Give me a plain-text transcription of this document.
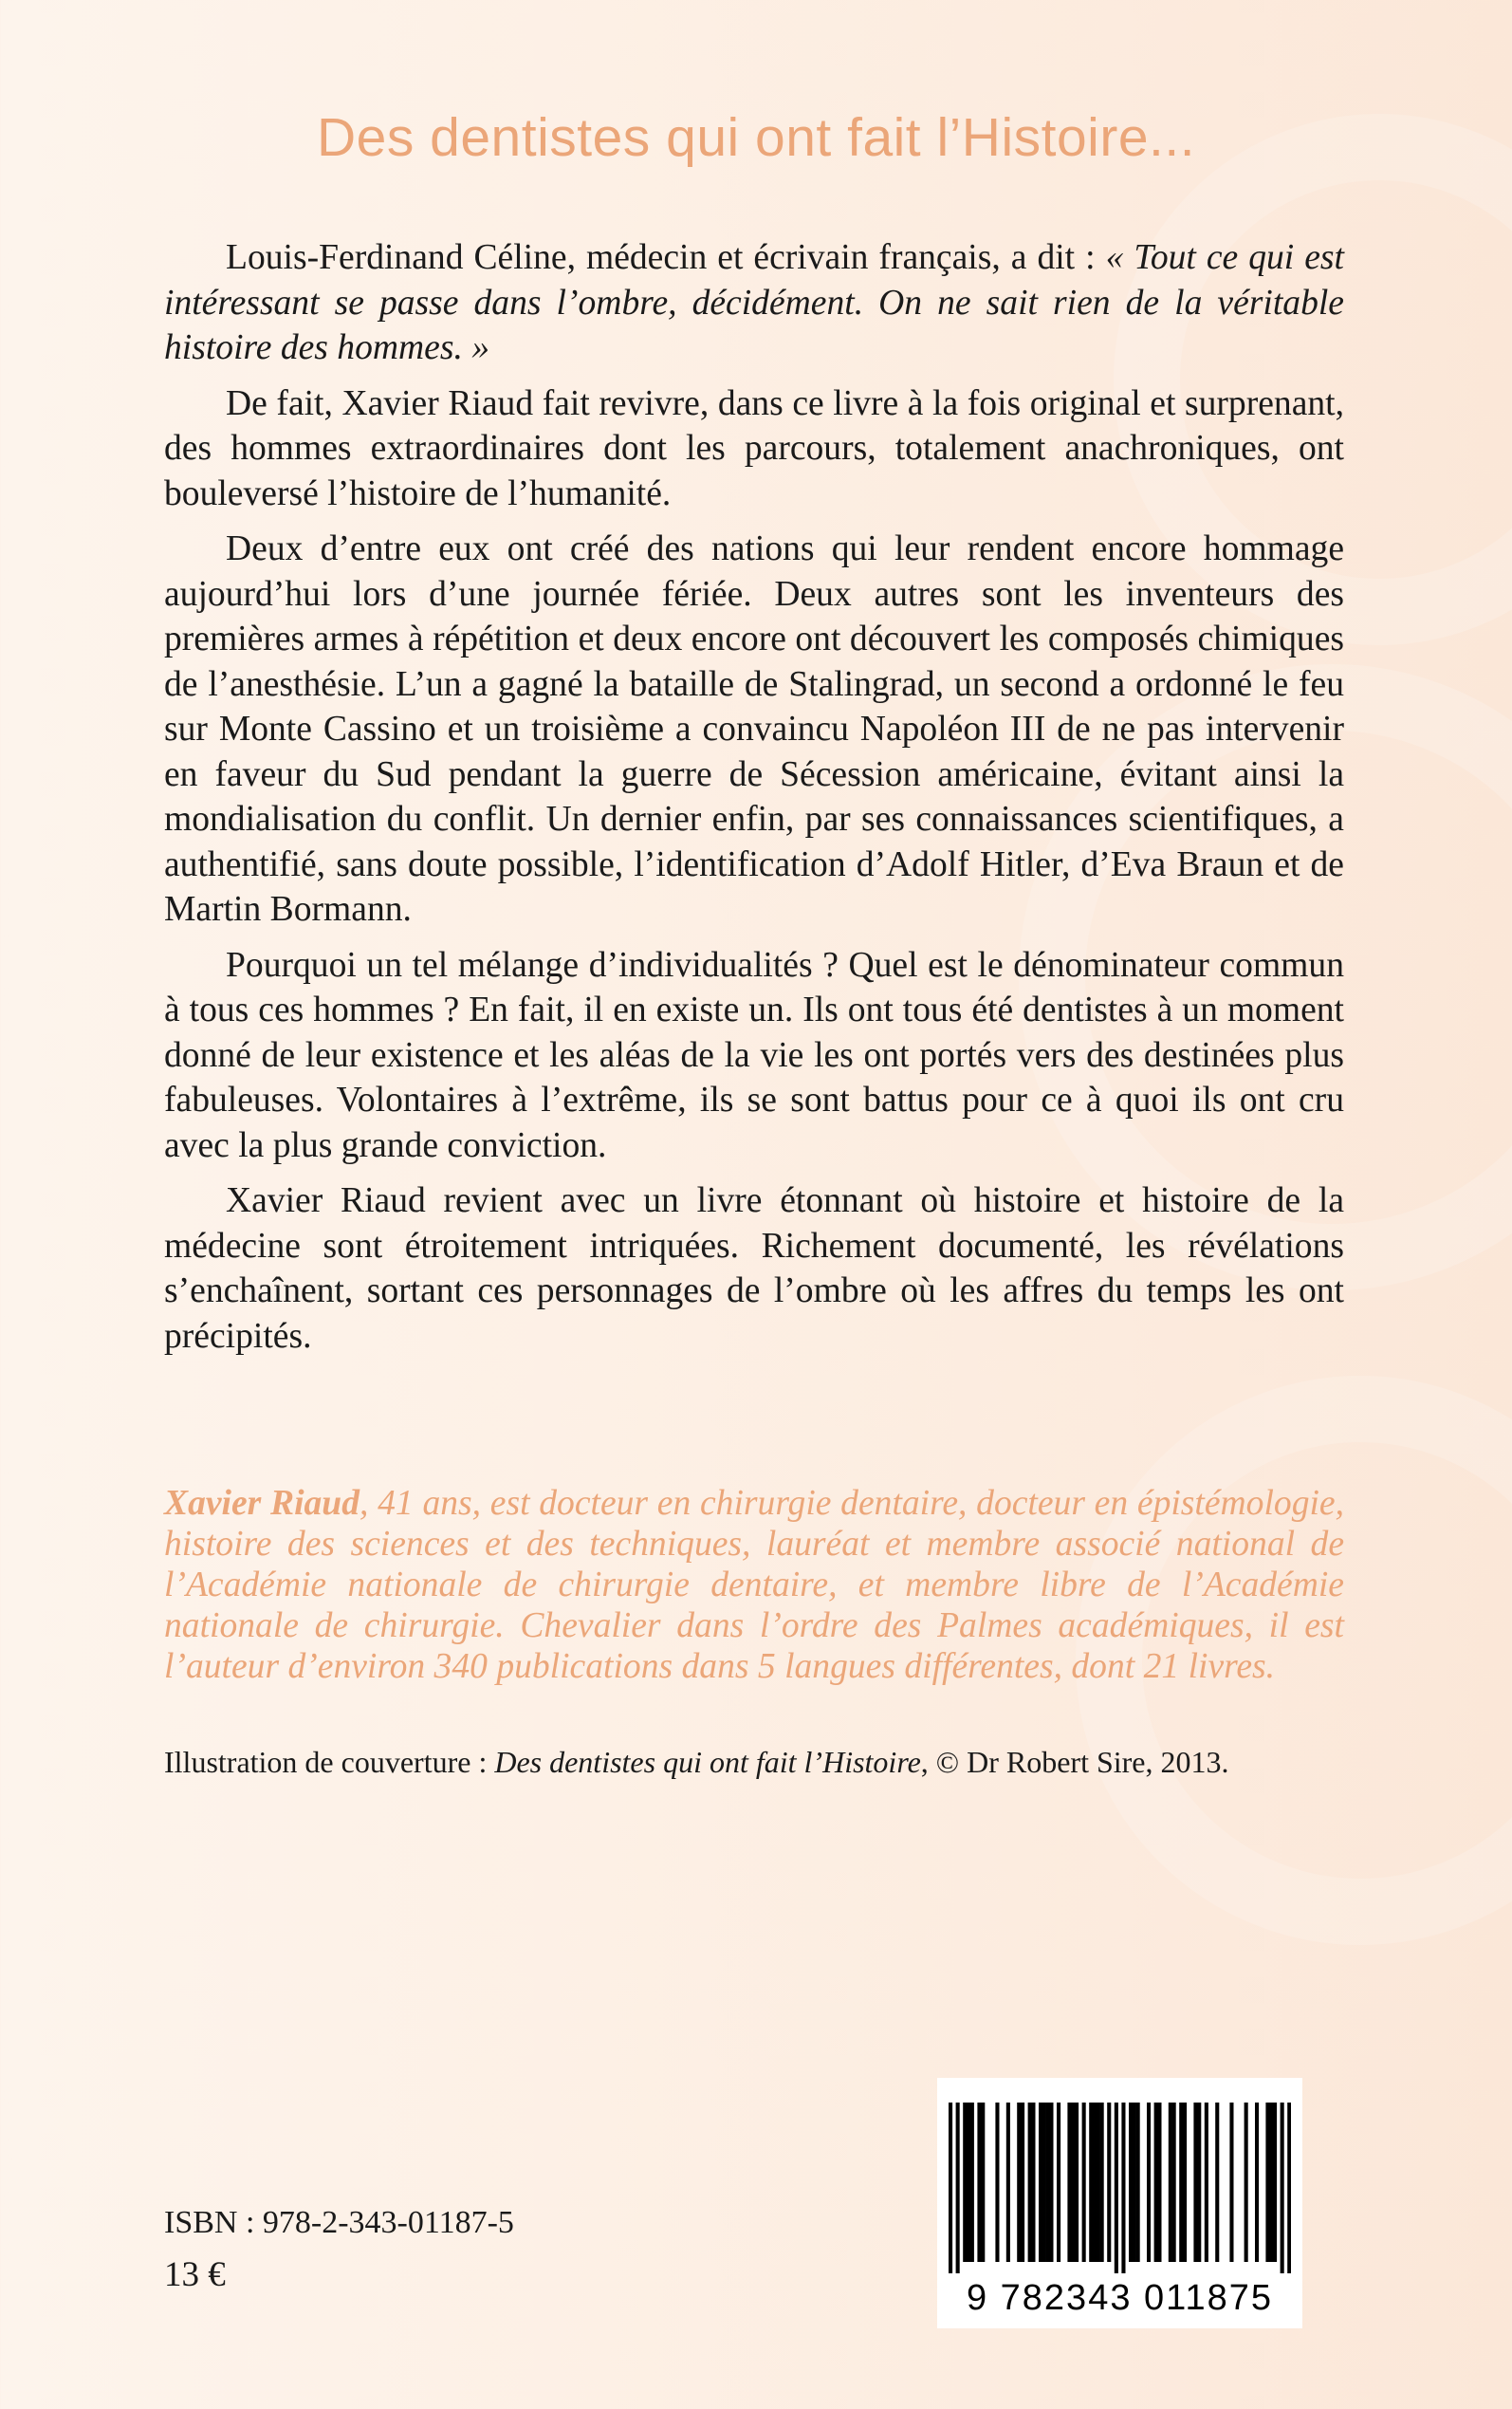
Des dentistes qui ont fait l’Histoire...

Louis-Ferdinand Céline, médecin et écrivain français, a dit : « Tout ce qui est intéressant se passe dans l’ombre, décidément. On ne sait rien de la véritable histoire des hommes. »

De fait, Xavier Riaud fait revivre, dans ce livre à la fois original et surprenant, des hommes extraordinaires dont les parcours, totalement anachroniques, ont bouleversé l’histoire de l’humanité.

Deux d’entre eux ont créé des nations qui leur rendent encore hommage aujourd’hui lors d’une journée fériée. Deux autres sont les inventeurs des premières armes à répétition et deux encore ont découvert les composés chimiques de l’anesthésie. L’un a gagné la bataille de Stalingrad, un second a ordonné le feu sur Monte Cassino et un troisième a convaincu Napoléon III de ne pas intervenir en faveur du Sud pendant la guerre de Sécession américaine, évitant ainsi la mondialisation du conflit. Un dernier enfin, par ses connaissances scientifiques, a authentifié, sans doute possible, l’identification d’Adolf Hitler, d’Eva Braun et de Martin Bormann.

Pourquoi un tel mélange d’individualités ? Quel est le dénominateur commun à tous ces hommes ? En fait, il en existe un. Ils ont tous été dentistes à un moment donné de leur existence et les aléas de la vie les ont portés vers des destinées plus fabuleuses. Volontaires à l’extrême, ils se sont battus pour ce à quoi ils ont cru avec la plus grande conviction.

Xavier Riaud revient avec un livre étonnant où histoire et histoire de la médecine sont étroitement intriquées. Richement documenté, les révélations s’enchaînent, sortant ces personnages de l’ombre où les affres du temps les ont précipités.

Xavier Riaud, 41 ans, est docteur en chirurgie dentaire, docteur en épistémologie, histoire des sciences et des techniques, lauréat et membre associé national de l’Académie nationale de chirurgie dentaire, et membre libre de l’Académie nationale de chirurgie. Chevalier dans l’ordre des Palmes académiques, il est l’auteur d’environ 340 publications dans 5 langues différentes, dont 21 livres.

Illustration de couverture : Des dentistes qui ont fait l’Histoire, © Dr Robert Sire, 2013.

ISBN : 978-2-343-01187-5

13 €

9 782343 011875
